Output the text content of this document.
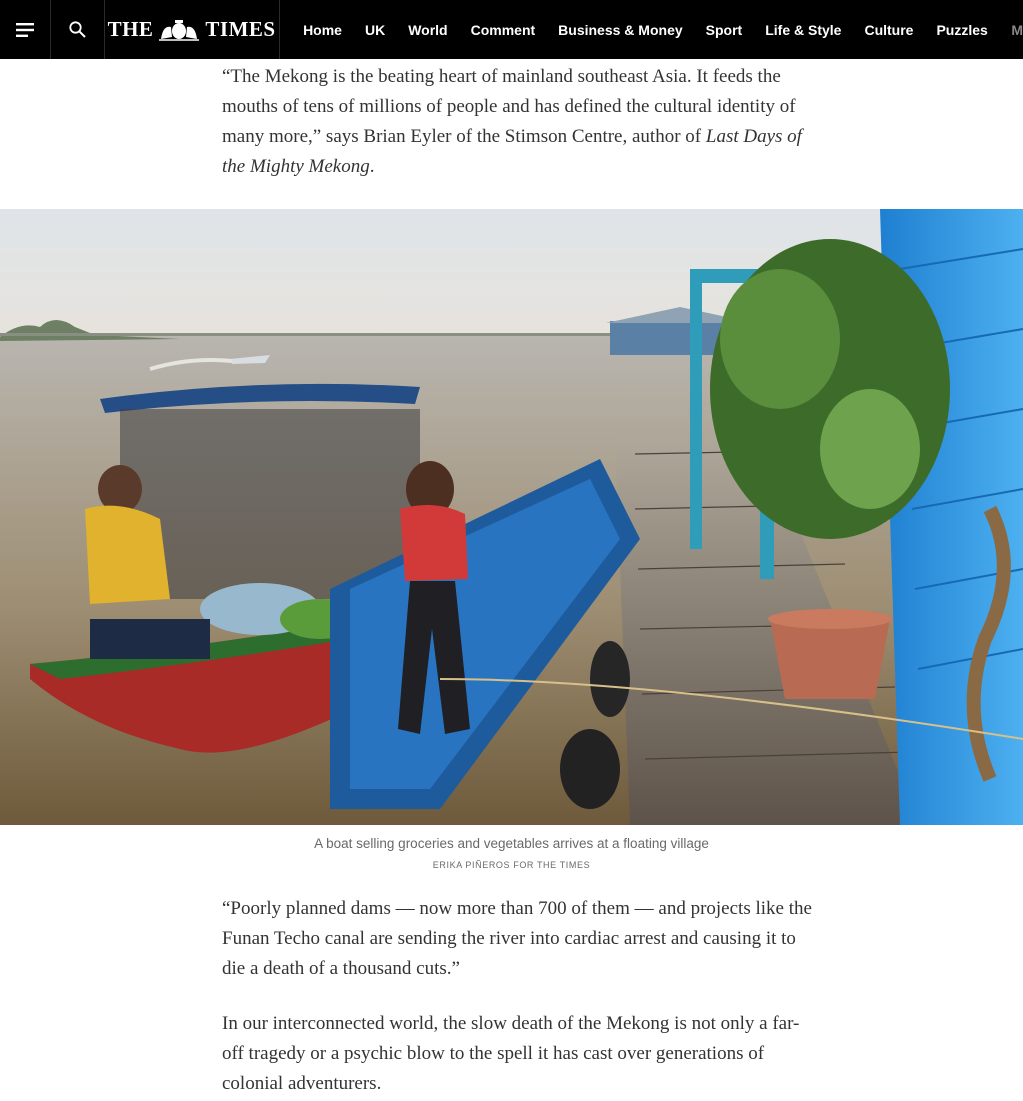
THE TIMES	Home	UK	World	Comment	Business & Money	Sport	Life & Style	Culture	Puzzles	M

“The Mekong is the beating heart of mainland southeast Asia. It feeds the mouths of tens of millions of people and has defined the cultural identity of many more,” says Brian Eyler of the Stimson Centre, author of Last Days of the Mighty Mekong.

A boat selling groceries and vegetables arrives at a floating village
ERIKA PIÑEROS FOR THE TIMES

“Poorly planned dams — now more than 700 of them — and projects like the Funan Techo canal are sending the river into cardiac arrest and causing it to die a death of a thousand cuts.”

In our interconnected world, the slow death of the Mekong is not only a far-off tragedy or a psychic blow to the spell it has cast over generations of colonial adventurers.
